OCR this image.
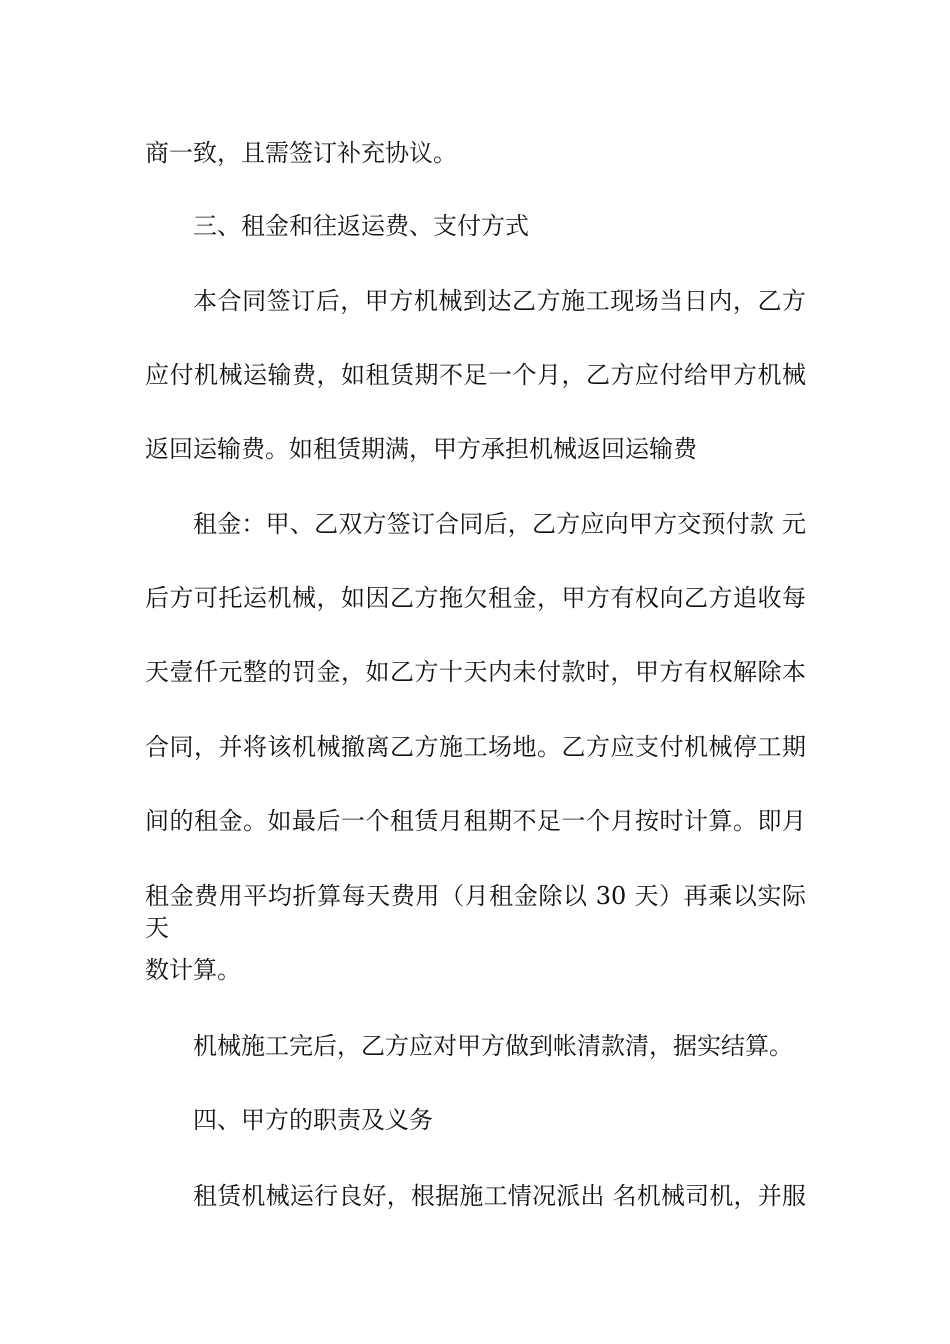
商一致，且需签订补充协议。

三、租金和往返运费、支付方式

本合同签订后，甲方机械到达乙方施工现场当日内，乙方

应付机械运输费，如租赁期不足一个月，乙方应付给甲方机械

返回运输费。如租赁期满，甲方承担机械返回运输费

租金：甲、乙双方签订合同后，乙方应向甲方交预付款 元

后方可托运机械，如因乙方拖欠租金，甲方有权向乙方追收每

天壹仟元整的罚金，如乙方十天内未付款时，甲方有权解除本

合同，并将该机械撤离乙方施工场地。乙方应支付机械停工期

间的租金。如最后一个租赁月租期不足一个月按时计算。即月

租金费用平均折算每天费用（月租金除以 30 天）再乘以实际天

数计算。

机械施工完后，乙方应对甲方做到帐清款清，据实结算。

四、甲方的职责及义务

租赁机械运行良好，根据施工情况派出 名机械司机，并服
